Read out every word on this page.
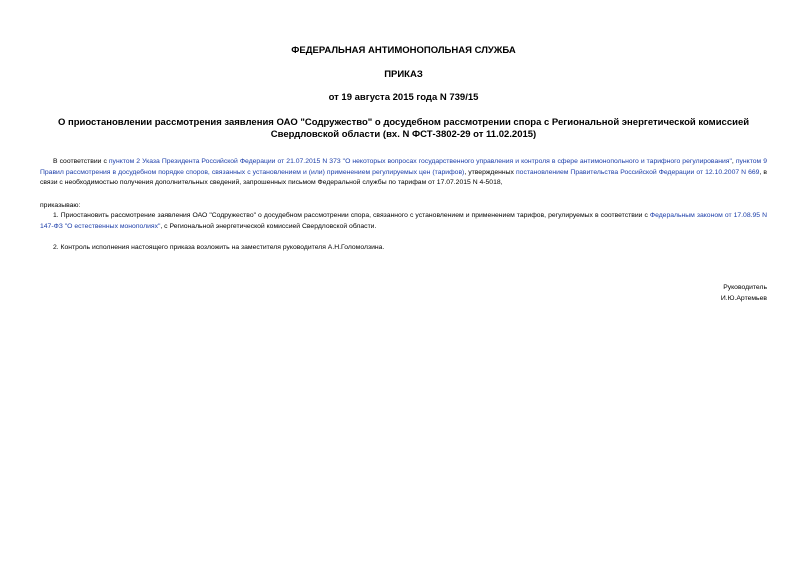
ФЕДЕРАЛЬНАЯ АНТИМОНОПОЛЬНАЯ СЛУЖБА
ПРИКАЗ
от 19 августа 2015 года N 739/15
О приостановлении рассмотрения заявления ОАО "Содружество" о досудебном рассмотрении спора с Региональной энергетической комиссией Свердловской области (вх. N ФСТ-3802-29 от 11.02.2015)
В соответствии с пунктом 2 Указа Президента Российской Федерации от 21.07.2015 N 373 "О некоторых вопросах государственного управления и контроля в сфере антимонопольного и тарифного регулирования", пунктом 9 Правил рассмотрения в досудебном порядке споров, связанных с установлением и (или) применением регулируемых цен (тарифов), утвержденных постановлением Правительства Российской Федерации от 12.10.2007 N 669, в связи с необходимостью получения дополнительных сведений, запрошенных письмом Федеральной службы по тарифам от 17.07.2015 N 4-5018,
приказываю:
1. Приостановить рассмотрение заявления ОАО "Содружество" о досудебном рассмотрении спора, связанного с установлением и применением тарифов, регулируемых в соответствии с Федеральным законом от 17.08.95 N 147-ФЗ "О естественных монополиях", с Региональной энергетической комиссией Свердловской области.
2. Контроль исполнения настоящего приказа возложить на заместителя руководителя А.Н.Голомолзина.
Руководитель
И.Ю.Артемьев
